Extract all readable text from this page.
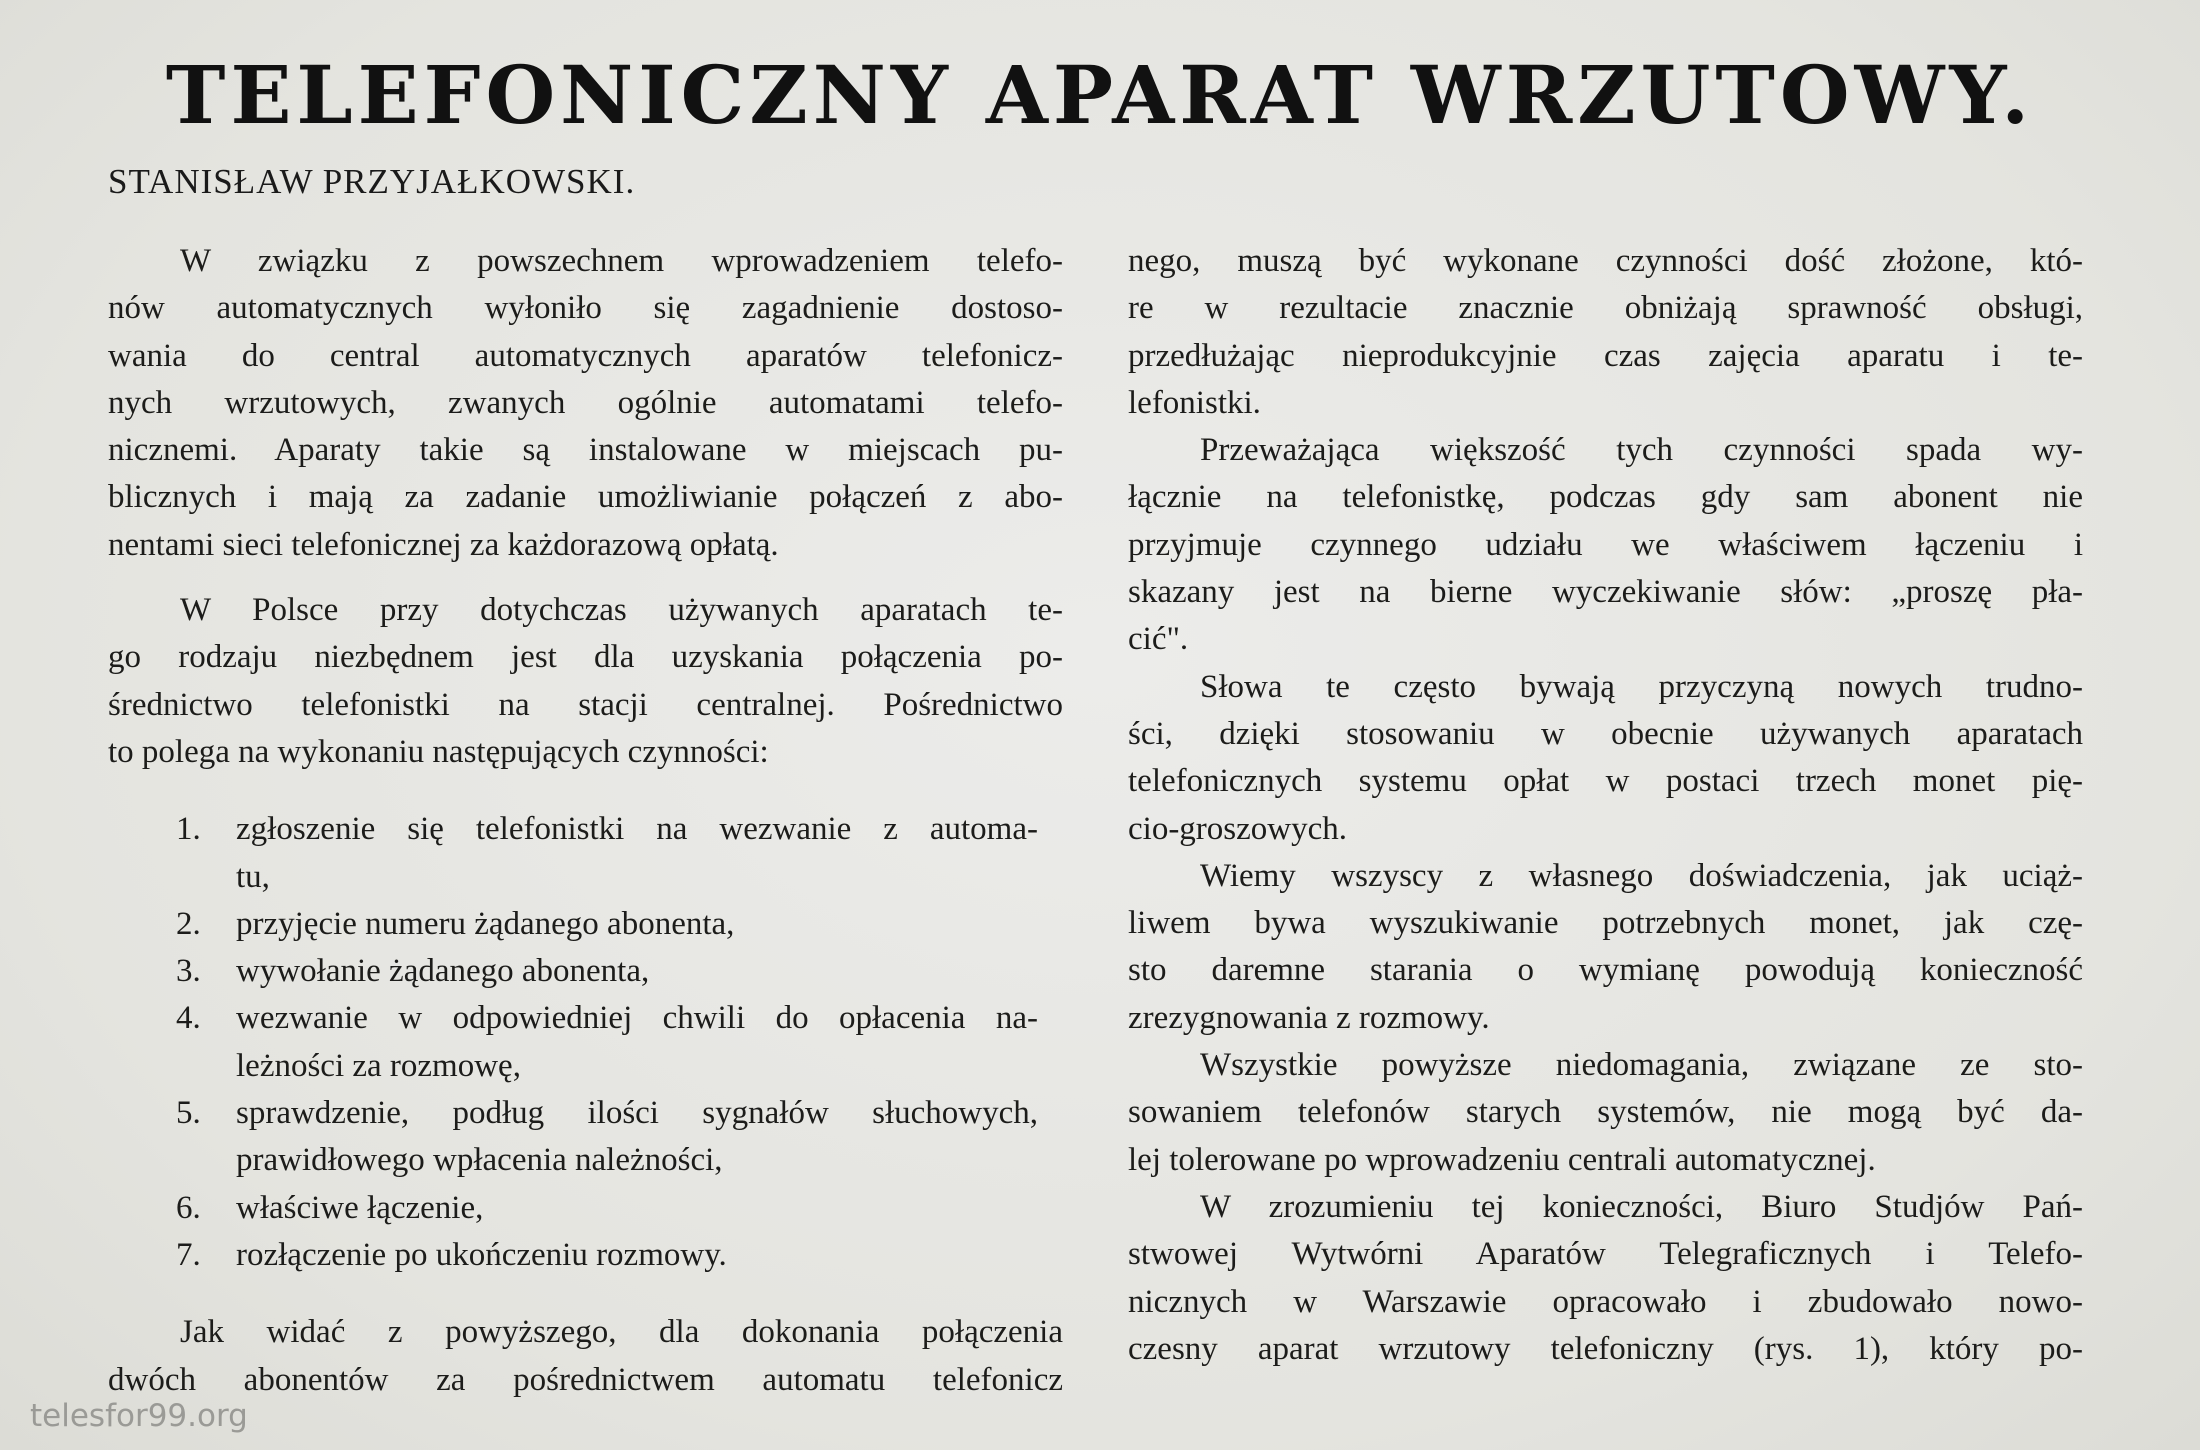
TELEFONICZNY APARAT WRZUTOWY.
STANISŁAW PRZYJAŁKOWSKI.
W związku z powszechnem wprowadzeniem telefo-
nów automatycznych wyłoniło się zagadnienie dostoso-
wania do central automatycznych aparatów telefonicz-
nych wrzutowych, zwanych ogólnie automatami telefo-
nicznemi. Aparaty takie są instalowane w miejscach pu-
blicznych i mają za zadanie umożliwianie połączeń z abo-
nentami sieci telefonicznej za każdorazową opłatą.
W Polsce przy dotychczas używanych aparatach te-
go rodzaju niezbędnem jest dla uzyskania połączenia po-
średnictwo telefonistki na stacji centralnej. Pośrednictwo
to polega na wykonaniu następujących czynności:
1.	zgłoszenie się telefonistki na wezwanie z automa-
tu,
2.	przyjęcie numeru żądanego abonenta,
3.	wywołanie żądanego abonenta,
4.	wezwanie w odpowiedniej chwili do opłacenia na-
leżności za rozmowę,
5.	sprawdzenie, podług ilości sygnałów słuchowych,
prawidłowego wpłacenia należności,
6.	właściwe łączenie,
7.	rozłączenie po ukończeniu rozmowy.
Jak widać z powyższego, dla dokonania połączenia
dwóch abonentów za pośrednictwem automatu telefonicz
nego, muszą być wykonane czynności dość złożone, któ-
re w rezultacie znacznie obniżają sprawność obsługi,
przedłużając nieprodukcyjnie czas zajęcia aparatu i te-
lefonistki.
Przeważająca większość tych czynności spada wy-
łącznie na telefonistkę, podczas gdy sam abonent nie
przyjmuje czynnego udziału we właściwem łączeniu i
skazany jest na bierne wyczekiwanie słów: „proszę pła-
cić".
Słowa te często bywają przyczyną nowych trudno-
ści, dzięki stosowaniu w obecnie używanych aparatach
telefonicznych systemu opłat w postaci trzech monet pię-
cio-groszowych.
Wiemy wszyscy z własnego doświadczenia, jak uciąż-
liwem bywa wyszukiwanie potrzebnych monet, jak czę-
sto daremne starania o wymianę powodują konieczność
zrezygnowania z rozmowy.
Wszystkie powyższe niedomagania, związane ze sto-
sowaniem telefonów starych systemów, nie mogą być da-
lej tolerowane po wprowadzeniu centrali automatycznej.
W zrozumieniu tej konieczności, Biuro Studjów Pań-
stwowej Wytwórni Aparatów Telegraficznych i Telefo-
nicznych w Warszawie opracowało i zbudowało nowo-
czesny aparat wrzutowy telefoniczny (rys. 1), który po-
telesfor99.org
